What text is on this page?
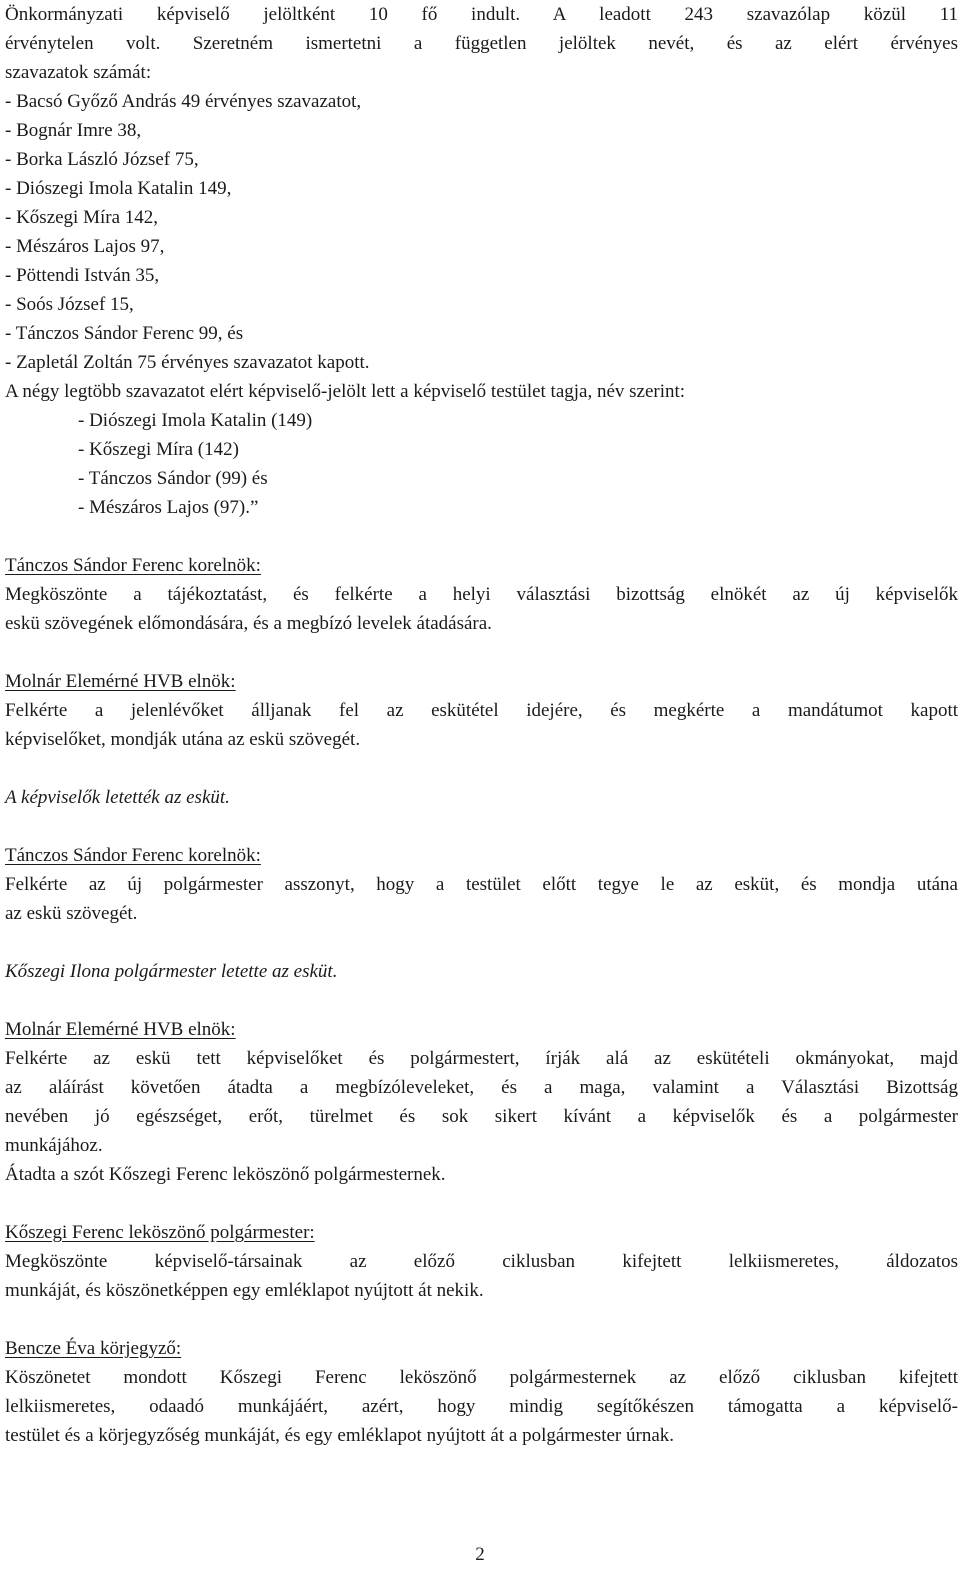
Önkormányzati képviselő jelöltként 10 fő indult. A leadott 243 szavazólap közül 11

érvénytelen volt. Szeretném ismertetni a független jelöltek nevét, és az elért érvényes

szavazatok számát:

- Bacsó Győző András 49 érvényes szavazatot,

- Bognár Imre 38,

- Borka László József 75,

- Diószegi Imola Katalin 149,

- Kőszegi Míra 142,

- Mészáros Lajos 97,

- Pöttendi István 35,

- Soós József 15,

- Tánczos Sándor Ferenc 99, és

- Zapletál Zoltán 75 érvényes szavazatot kapott.

A négy legtöbb szavazatot elért képviselő-jelölt lett a képviselő testület tagja, név szerint:

- Diószegi Imola Katalin (149)

- Kőszegi Míra (142)

- Tánczos Sándor (99) és

- Mészáros Lajos (97).”

Tánczos Sándor Ferenc korelnök:

Megköszönte a tájékoztatást, és felkérte a helyi választási bizottság elnökét az új képviselők

eskü szövegének előmondására, és a megbízó levelek átadására.

Molnár Elemérné HVB elnök:

Felkérte a jelenlévőket álljanak fel az eskütétel idejére, és megkérte a mandátumot kapott

képviselőket, mondják utána az eskü szövegét.

A képviselők letették az esküt.

Tánczos Sándor Ferenc korelnök:

Felkérte az új polgármester asszonyt, hogy a testület előtt tegye le az esküt, és mondja utána

az eskü szövegét.

Kőszegi Ilona polgármester letette az esküt.

Molnár Elemérné HVB elnök:

Felkérte az eskü tett képviselőket és polgármestert, írják alá az eskütételi okmányokat, majd

az aláírást követően átadta a megbízóleveleket, és a maga, valamint a Választási Bizottság

nevében jó egészséget, erőt, türelmet és sok sikert kívánt a képviselők és a polgármester

munkájához.

Átadta a szót Kőszegi Ferenc leköszönő polgármesternek.

Kőszegi Ferenc leköszönő polgármester:

Megköszönte képviselő-társainak az előző ciklusban kifejtett lelkiismeretes, áldozatos

munkáját, és köszönetképpen egy emléklapot nyújtott át nekik.

Bencze Éva körjegyző:

Köszönetet mondott Kőszegi Ferenc leköszönő polgármesternek az előző ciklusban kifejtett

lelkiismeretes, odaadó munkájáért, azért, hogy mindig segítőkészen támogatta a képviselő-

testület és a körjegyzőség munkáját, és egy emléklapot nyújtott át a polgármester úrnak.

2
